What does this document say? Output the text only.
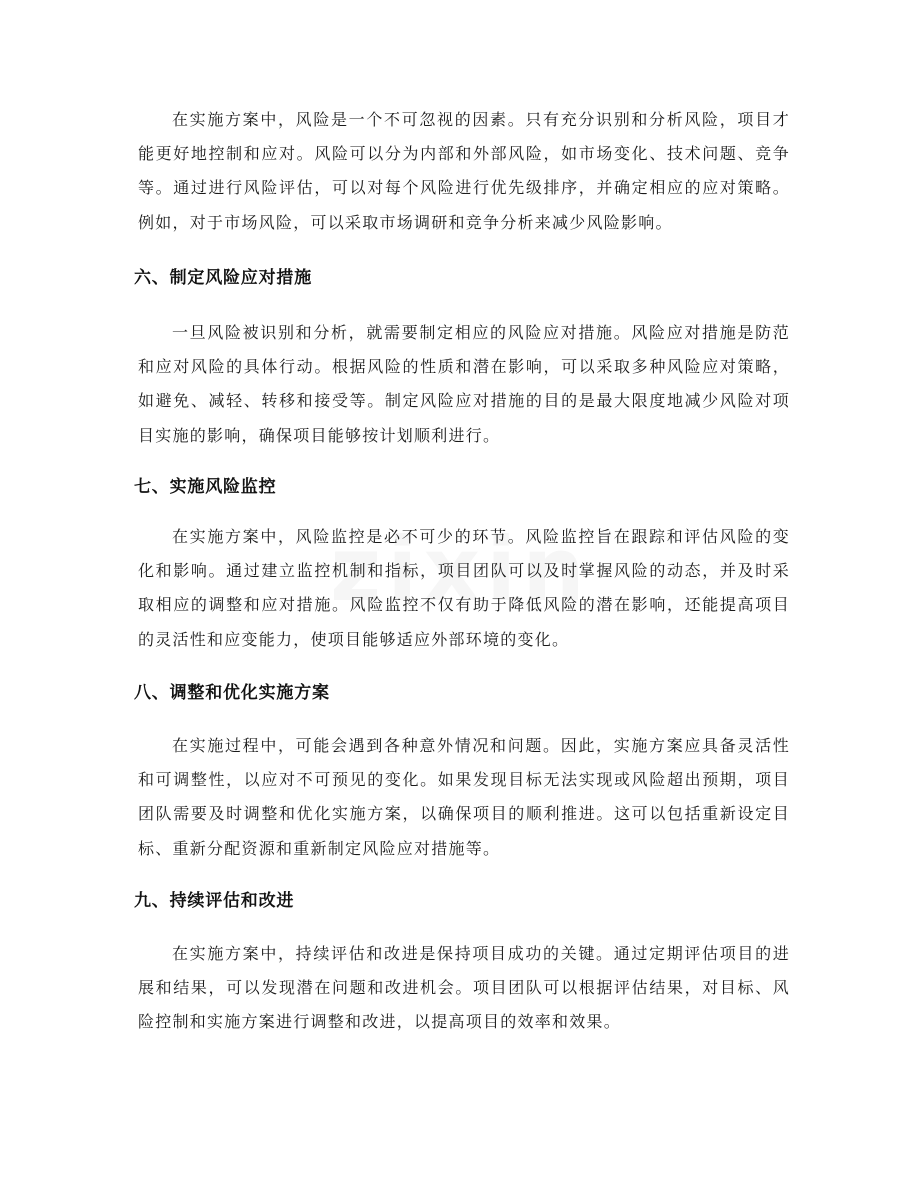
在实施方案中，风险是一个不可忽视的因素。只有充分识别和分析风险，项目才能更好地控制和应对。风险可以分为内部和外部风险，如市场变化、技术问题、竞争等。通过进行风险评估，可以对每个风险进行优先级排序，并确定相应的应对策略。例如，对于市场风险，可以采取市场调研和竞争分析来减少风险影响。

六、制定风险应对措施

一旦风险被识别和分析，就需要制定相应的风险应对措施。风险应对措施是防范和应对风险的具体行动。根据风险的性质和潜在影响，可以采取多种风险应对策略，如避免、减轻、转移和接受等。制定风险应对措施的目的是最大限度地减少风险对项目实施的影响，确保项目能够按计划顺利进行。

七、实施风险监控

在实施方案中，风险监控是必不可少的环节。风险监控旨在跟踪和评估风险的变化和影响。通过建立监控机制和指标，项目团队可以及时掌握风险的动态，并及时采取相应的调整和应对措施。风险监控不仅有助于降低风险的潜在影响，还能提高项目的灵活性和应变能力，使项目能够适应外部环境的变化。

八、调整和优化实施方案

在实施过程中，可能会遇到各种意外情况和问题。因此，实施方案应具备灵活性和可调整性，以应对不可预见的变化。如果发现目标无法实现或风险超出预期，项目团队需要及时调整和优化实施方案，以确保项目的顺利推进。这可以包括重新设定目标、重新分配资源和重新制定风险应对措施等。

九、持续评估和改进

在实施方案中，持续评估和改进是保持项目成功的关键。通过定期评估项目的进展和结果，可以发现潜在问题和改进机会。项目团队可以根据评估结果，对目标、风险控制和实施方案进行调整和改进，以提高项目的效率和效果。
